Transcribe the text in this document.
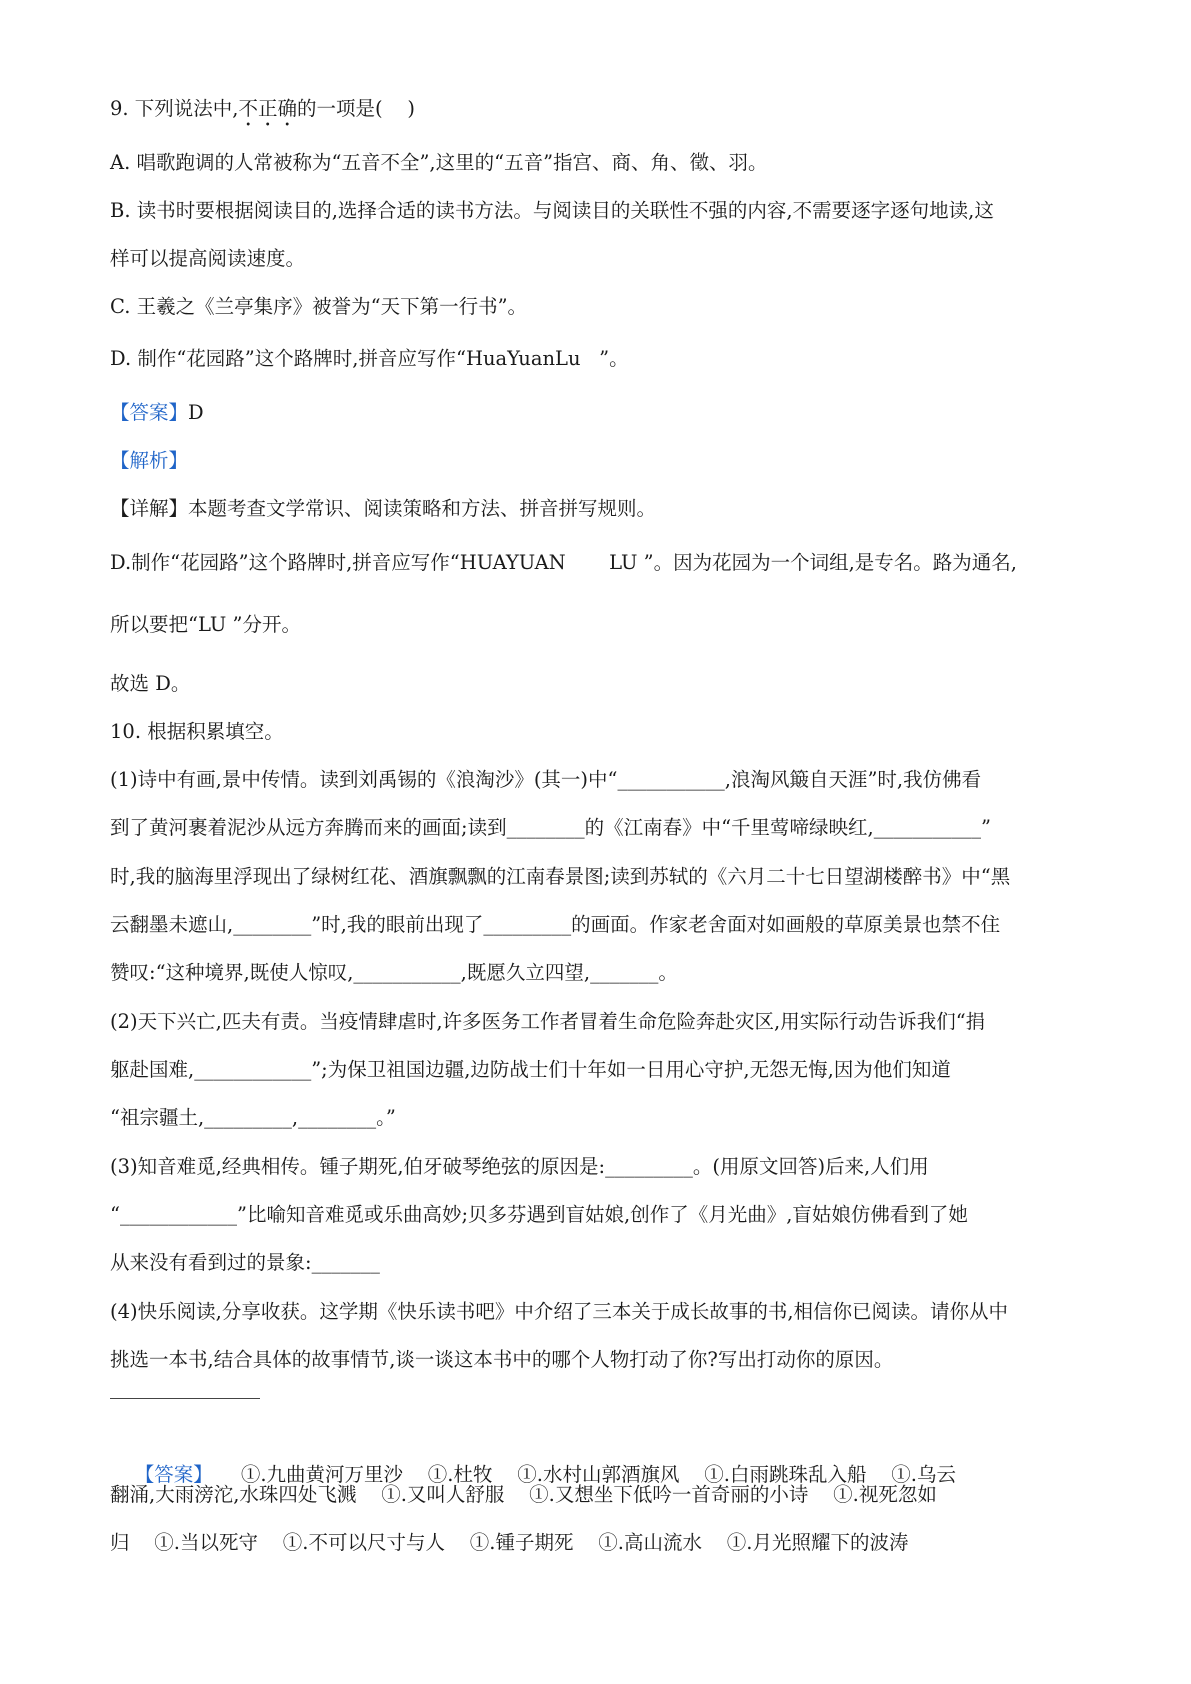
9. 下列说法中,不正确的一项是(    )
A. 唱歌跑调的人常被称为“五音不全”,这里的“五音”指宫、商、角、徵、羽。
B. 读书时要根据阅读目的,选择合适的读书方法。与阅读目的关联性不强的内容,不需要逐字逐句地读,这
样可以提高阅读速度。
C. 王羲之《兰亭集序》被誉为“天下第一行书”。
D. 制作“花园路”这个路牌时,拼音应写作“HuaYuanLu   ”。
【答案】D
【解析】
【详解】本题考查文学常识、阅读策略和方法、拼音拼写规则。
D.制作“花园路”这个路牌时,拼音应写作“HUAYUAN       LU ”。因为花园为一个词组,是专名。路为通名,
所以要把“LU ”分开。
故选 D。
10. 根据积累填空。
(1)诗中有画,景中传情。读到刘禹锡的《浪淘沙》(其一)中“___________,浪淘风簸自天涯”时,我仿佛看
到了黄河裹着泥沙从远方奔腾而来的画面;读到________的《江南春》中“千里莺啼绿映红,___________”
时,我的脑海里浮现出了绿树红花、酒旗飘飘的江南春景图;读到苏轼的《六月二十七日望湖楼醉书》中“黑
云翻墨未遮山,________”时,我的眼前出现了_________的画面。作家老舍面对如画般的草原美景也禁不住
赞叹:“这种境界,既使人惊叹,___________,既愿久立四望,_______。
(2)天下兴亡,匹夫有责。当疫情肆虐时,许多医务工作者冒着生命危险奔赴灾区,用实际行动告诉我们“捐
躯赴国难,____________”;为保卫祖国边疆,边防战士们十年如一日用心守护,无怨无悔,因为他们知道
“祖宗疆土,_________,________。”
(3)知音难觅,经典相传。锺子期死,伯牙破琴绝弦的原因是:_________。(用原文回答)后来,人们用
“____________”比喻知音难觅或乐曲高妙;贝多芬遇到盲姑娘,创作了《月光曲》,盲姑娘仿佛看到了她
从来没有看到过的景象:_______
(4)快乐阅读,分享收获。这学期《快乐读书吧》中介绍了三本关于成长故事的书,相信你已阅读。请你从中
挑选一本书,结合具体的故事情节,谈一谈这本书中的哪个人物打动了你?写出打动你的原因。

【答案】 ①.九曲黄河万里沙    ①.杜牧    ①.水村山郭酒旗风    ①.白雨跳珠乱入船    ①.乌云

翻涌,大雨滂沱,水珠四处飞溅    ①.又叫人舒服    ①.又想坐下低吟一首奇丽的小诗    ①.视死忽如
归    ①.当以死守    ①.不可以尺寸与人    ①.锺子期死    ①.高山流水    ①.月光照耀下的波涛
